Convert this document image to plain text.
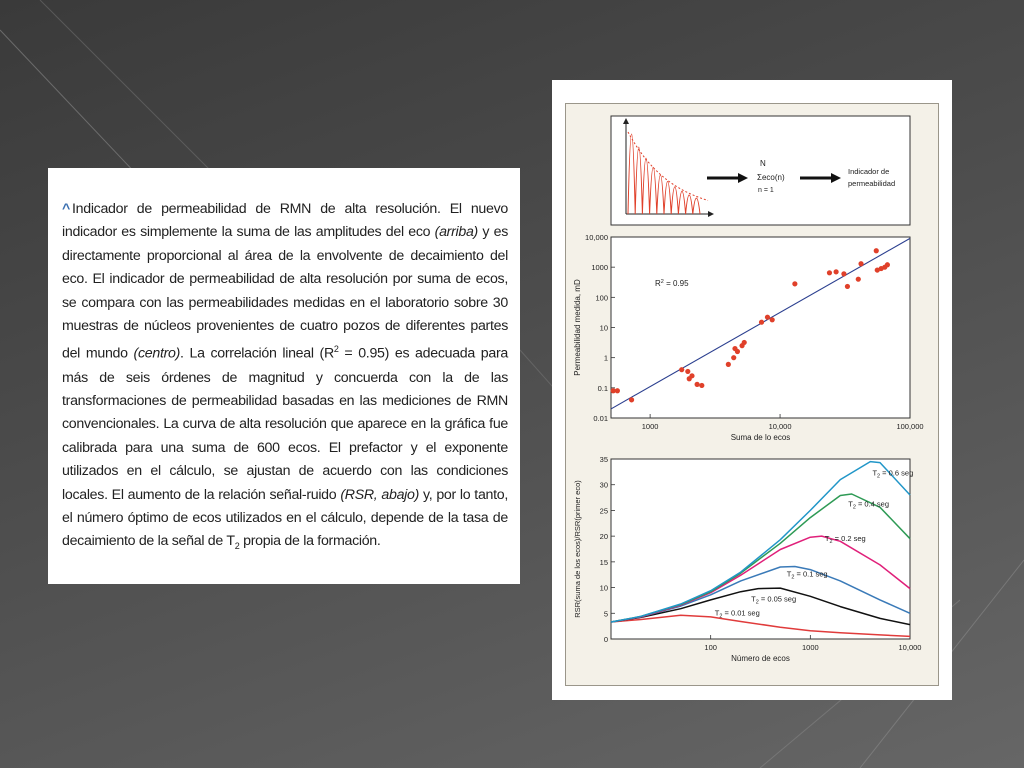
^ Indicador de permeabilidad de RMN de alta resolución. El nuevo indicador es simplemente la suma de las amplitudes del eco (arriba) y es directamente proporcional al área de la envolvente de decaimiento del eco. El indicador de permeabilidad de alta resolución por suma de ecos, se compara con las permeabilidades medidas en el laboratorio sobre 30 muestras de núcleos provenientes de cuatro pozos de diferentes partes del mundo (centro). La correlación lineal $(R^2 = 0.95)$ es adecuada para más de seis órdenes de magnitud y concuerda con la de las transformaciones de permeabilidad basadas en las mediciones de RMN convencionales. La curva de alta resolución que aparece en la gráfica fue calibrada para una suma de 600 ecos. El prefactor y el exponente utilizados en el cálculo, se ajustan de acuerdo con las condiciones locales. El aumento de la relación señal-ruido (RSR, abajo) y, por lo tanto, el número óptimo de ecos utilizados en el cálculo, depende de la tasa de decaimiento de la señal de $T_2$ propia de la formación.

N
Σeco(n)
n = 1
Indicador de
permeabilidad
0.01
0.1
1
10
100
1000
10,000
1000	10,000	100,000
Suma de lo ecos
Permeabilidad medida, mD	$R^2 = 0.95$
0
5
10
15
20
25
30
35
100	1000	10,000
Número de ecos
RSR(suma de los ecos)/RSR(primer eco)	$T_2 = 0.01$ seg
$T_2 = 0.05$ seg
$T_2 = 0.1$ seg
$T_2 = 0.2$ seg
$T_2 = 0.4$ seg
$T_2 = 0.6$ seg
